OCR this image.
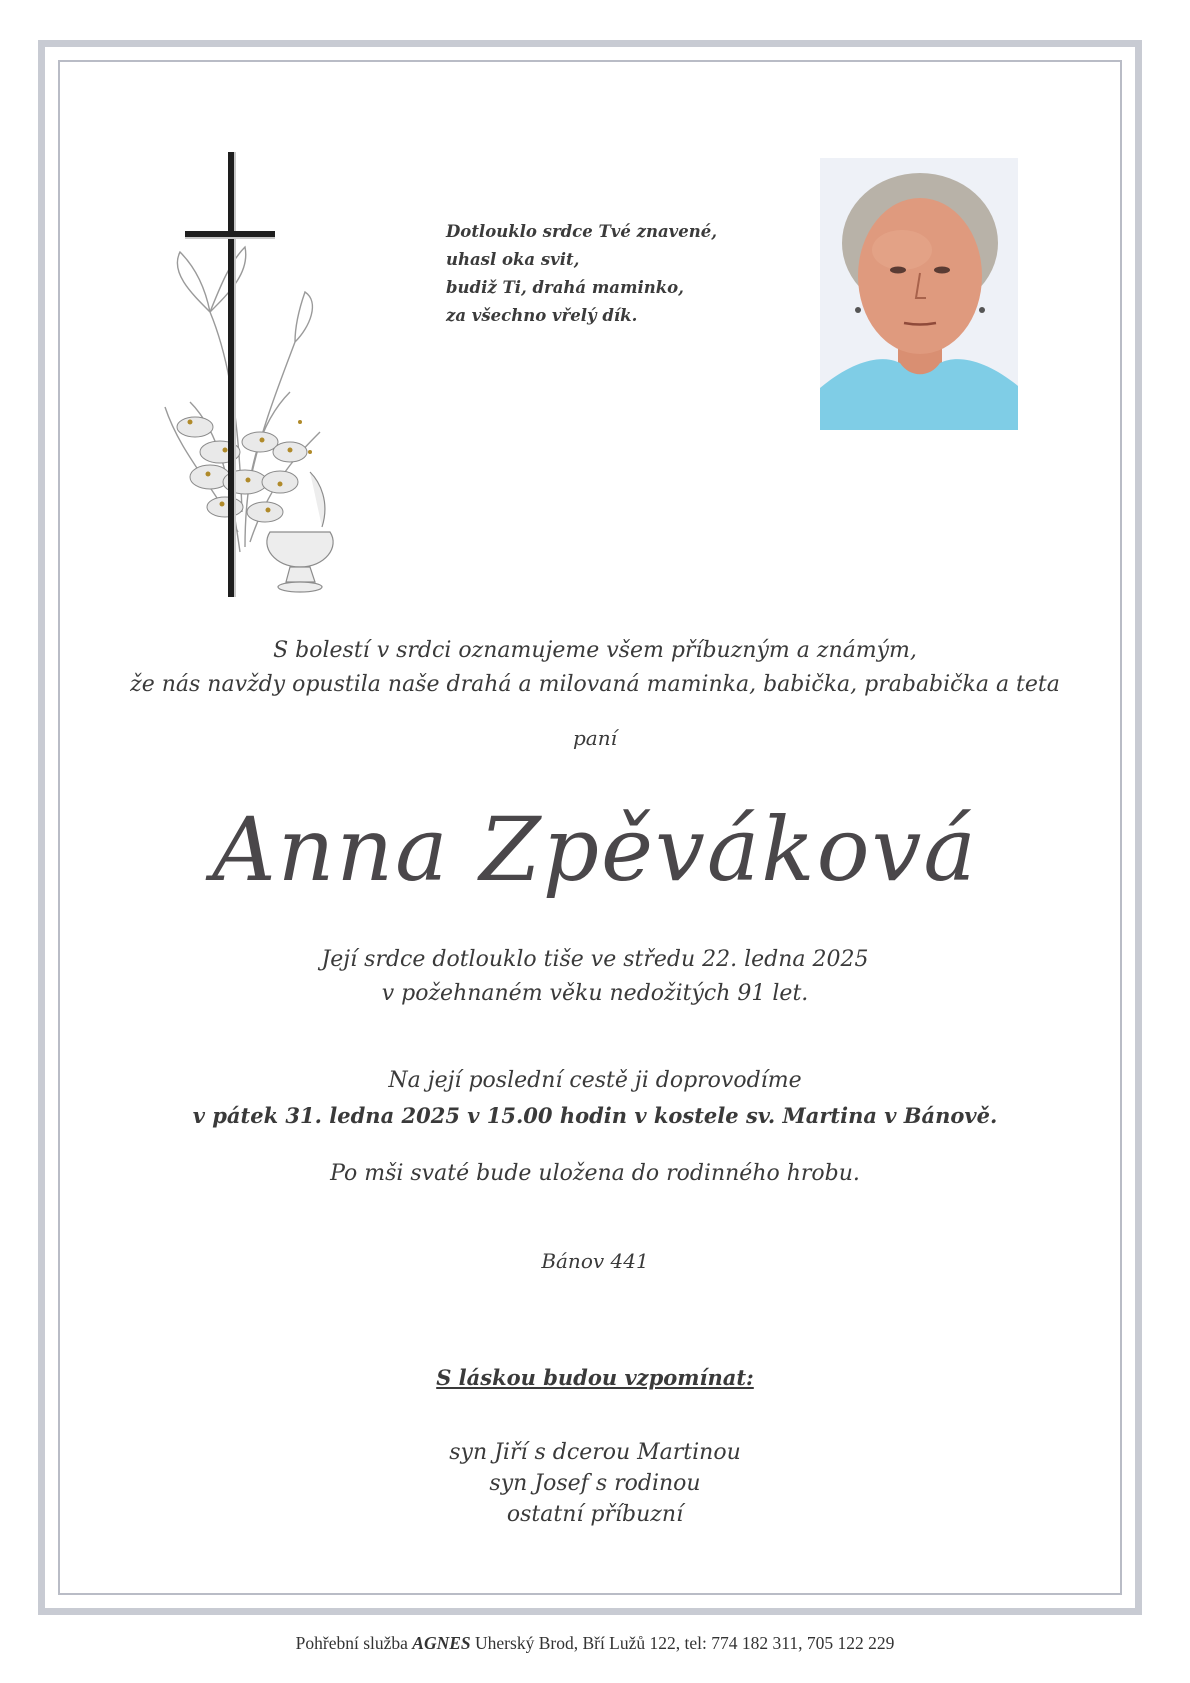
Dotlouklo srdce Tvé znavené,
uhasl oka svit,
budiž Ti, drahá maminko,
za všechno vřelý dík.
S bolestí v srdci oznamujeme všem příbuzným a známým,
že nás navždy opustila naše drahá a milovaná maminka, babička, prababička a teta
paní
Anna Zpěváková
Její srdce dotlouklo tiše ve středu 22. ledna 2025
v požehnaném věku nedožitých 91 let.
Na její poslední cestě ji doprovodíme
v pátek 31. ledna 2025 v 15.00 hodin v kostele sv. Martina v Bánově.
Po mši svaté bude uložena do rodinného hrobu.
Bánov 441
S láskou budou vzpomínat:
syn Jiří s dcerou Martinou
syn Josef s rodinou
ostatní příbuzní
Pohřební služba AGNES Uherský Brod, Bří Lužů 122, tel: 774 182 311, 705 122 229
